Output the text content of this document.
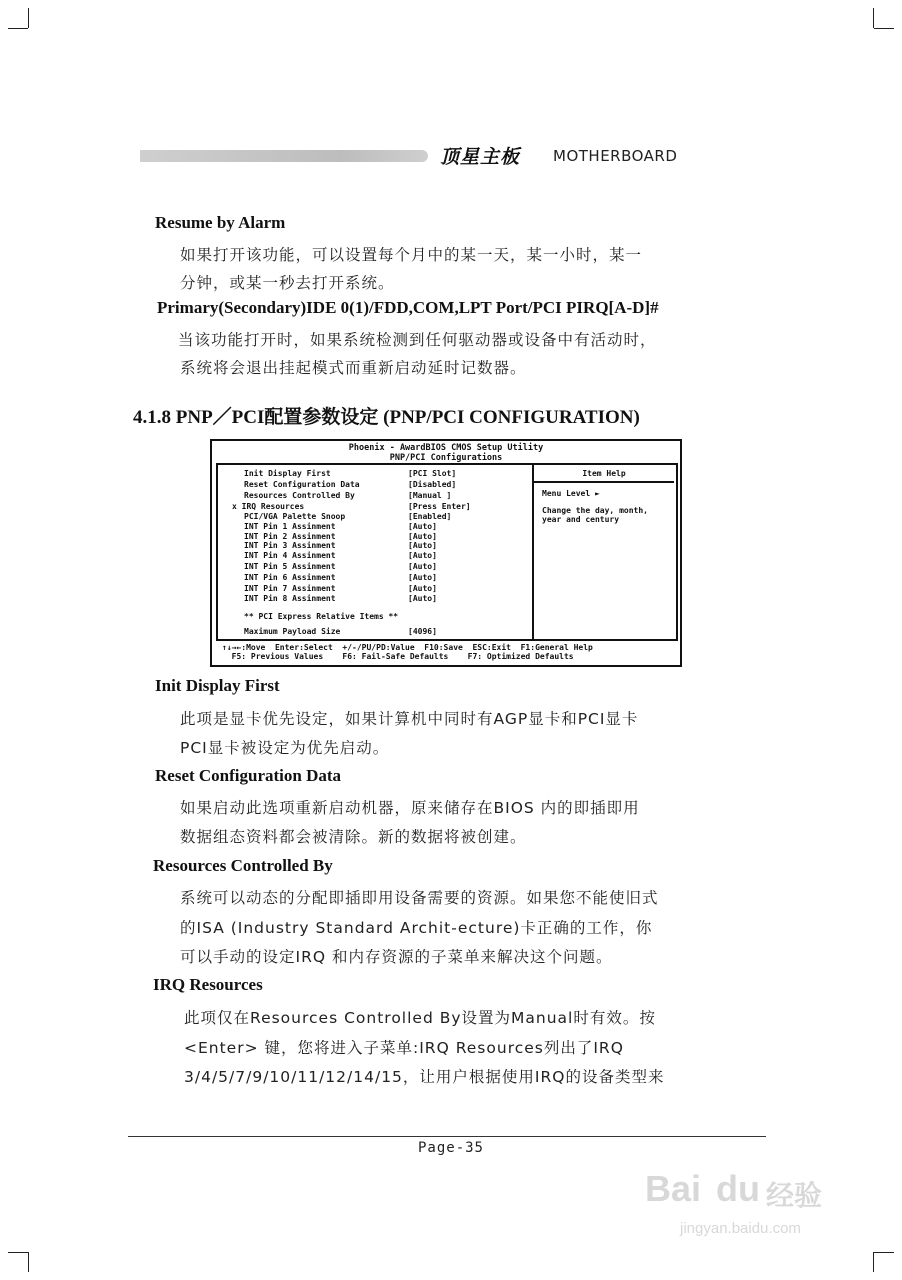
顶星主板 MOTHERBOARD
Resume by Alarm
如果打开该功能，可以设置每个月中的某一天，某一小时，某一
分钟，或某一秒去打开系统。
Primary(Secondary)IDE 0(1)/FDD,COM,LPT Port/PCI PIRQ[A-D]#
当该功能打开时，如果系统检测到任何驱动器或设备中有活动时，
系统将会退出挂起模式而重新启动延时记数器。
4.1.8 PNP／PCI配置参数设定 (PNP/PCI CONFIGURATION)
Phoenix - AwardBIOS CMOS Setup Utility
PNP/PCI Configurations
Init Display First	[PCI Slot]
Reset Configuration Data	[Disabled]
Resources Controlled By	[Manual ]
x IRQ Resources	[Press Enter]
PCI/VGA Palette Snoop	[Enabled]
INT Pin 1 Assinment	[Auto]
INT Pin 2 Assinment	[Auto]
INT Pin 3 Assinment	[Auto]
INT Pin 4 Assinment	[Auto]
INT Pin 5 Assinment	[Auto]
INT Pin 6 Assinment	[Auto]
INT Pin 7 Assinment	[Auto]
INT Pin 8 Assinment	[Auto]
** PCI Express Relative Items **
Maximum Payload Size	[4096]
Item Help
Menu Level ►
Change the day, month,
year and century
↑↓→←:Move  Enter:Select  +/-/PU/PD:Value  F10:Save  ESC:Exit  F1:General Help
F5: Previous Values    F6: Fail-Safe Defaults    F7: Optimized Defaults
Init Display First
此项是显卡优先设定，如果计算机中同时有AGP显卡和PCI显卡
PCI显卡被设定为优先启动。
Reset Configuration Data
如果启动此选项重新启动机器，原来储存在BIOS 内的即插即用
数据组态资料都会被清除。新的数据将被创建。
Resources Controlled By
系统可以动态的分配即插即用设备需要的资源。如果您不能使旧式
的ISA (Industry Standard Archit-ecture)卡正确的工作，你
可以手动的设定IRQ 和内存资源的子菜单来解决这个问题。
IRQ Resources
此项仅在Resources Controlled By设置为Manual时有效。按
<Enter> 键，您将进入子菜单:IRQ Resources列出了IRQ
3/4/5/7/9/10/11/12/14/15，让用户根据使用IRQ的设备类型来
Page-35
Bai du 经验
jingyan.baidu.com
